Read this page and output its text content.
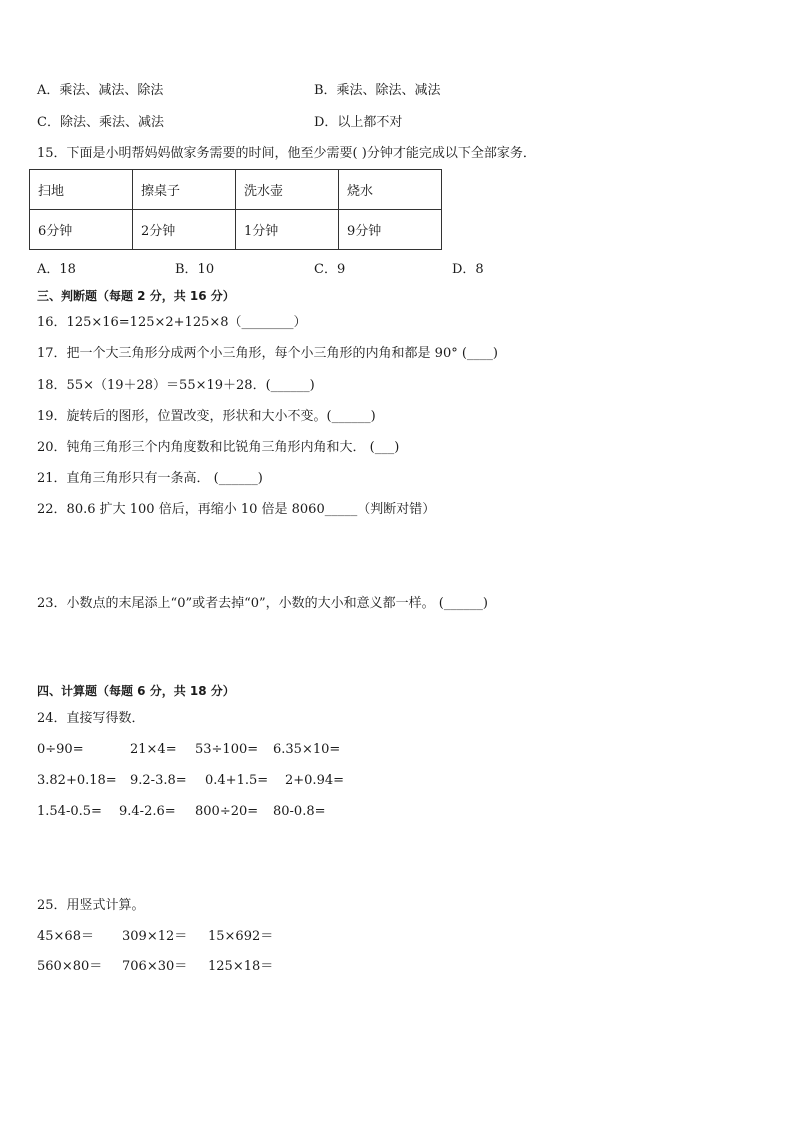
A．乘法、减法、除法	B．乘法、除法、减法
C．除法、乘法、减法	D．以上都不对
15．下面是小明帮妈妈做家务需要的时间，他至少需要( )分钟才能完成以下全部家务．
扫地	擦桌子	洗水壶	烧水
6分钟	2分钟	1分钟	9分钟
A．18	B．10	C．9	D．8
三、判断题（每题 2 分，共 16 分）
16．125×16=125×2+125×8（________）
17．把一个大三角形分成两个小三角形，每个小三角形的内角和都是 90° (____)
18．55×（19＋28）＝55×19＋28．(______)
19．旋转后的图形，位置改变，形状和大小不变。(______)
20．钝角三角形三个内角度数和比锐角三角形内角和大． (___)
21．直角三角形只有一条高． (______)
22．80.6 扩大 100 倍后，再缩小 10 倍是 8060_____（判断对错）
23．小数点的末尾添上“0”或者去掉“0”，小数的大小和意义都一样。 (______)
四、计算题（每题 6 分，共 18 分）
24．直接写得数．
0÷90=	21×4= 53÷100= 6.35×10=
3.82+0.18= 9.2-3.8= 0.4+1.5= 2+0.94=
1.54-0.5= 9.4-2.6= 800÷20= 80-0.8=
25．用竖式计算。
45×68＝ 309×12＝ 15×692＝
560×80＝ 706×30＝ 125×18＝
